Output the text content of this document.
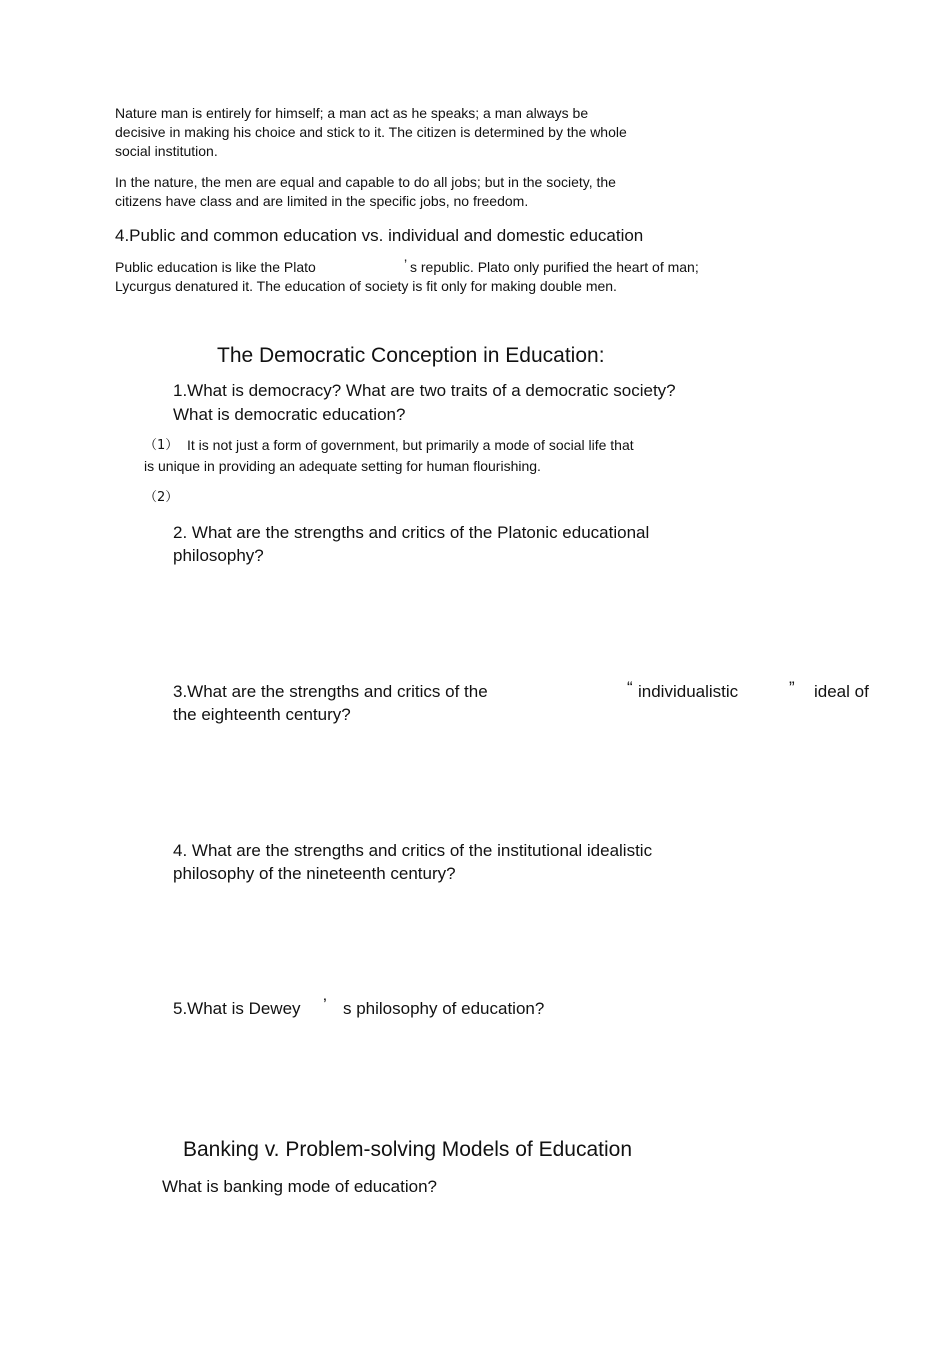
Nature man is entirely for himself; a man act as he speaks; a man always be

decisive in making his choice and stick to it. The citizen is determined by the whole

social institution.

In the nature, the men are equal and capable to do all jobs; but in the society, the

citizens have class and are limited in the specific jobs, no freedom.

4.Public and common education vs. individual and domestic education

Public education is like the Plato	’ s republic. Plato only purified the heart of man;

Lycurgus denatured it. The education of society is fit only for making double men.

The Democratic Conception in Education:

1.What is democracy? What are two traits of a democratic society?

What is democratic education?

（1） It is not just a form of government, but primarily a mode of social life that

is unique in providing an adequate setting for human flourishing.

（2）

2. What are the strengths and critics of the Platonic educational

philosophy?

3.What are the strengths and critics of the	“ individualistic	” ideal of

the eighteenth century?

4. What are the strengths and critics of the institutional idealistic

philosophy of the nineteenth century?

5.What is Dewey ’ s philosophy of education?

Banking v. Problem-solving Models of Education

What is banking mode of education?
